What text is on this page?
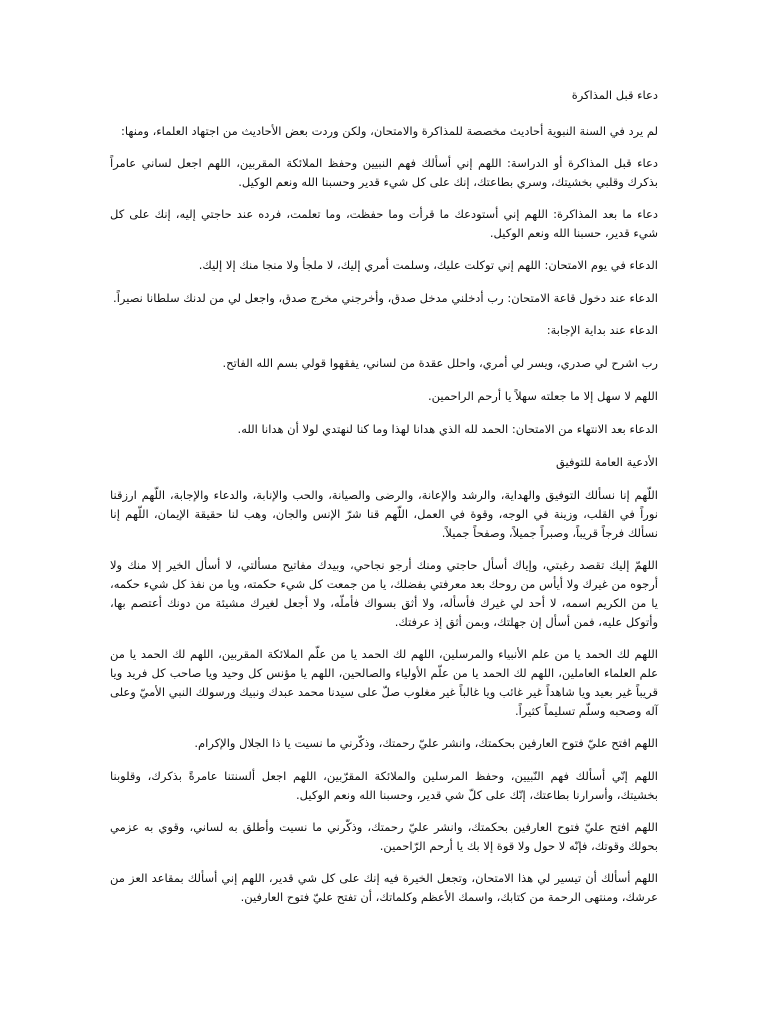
دعاء قبل المذاكرة

لم يرد في السنة النبوية أحاديث مخصصة للمذاكرة والامتحان، ولكن وردت بعض الأحاديث من اجتهاد العلماء، ومنها:

دعاء قبل المذاكرة أو الدراسة: اللهم إني أسألك فهم النبيين وحفظ الملائكة المقربين، اللهم اجعل لساني عامراً بذكرك وقلبي بخشيتك، وسري بطاعتك، إنك على كل شيء قدير وحسبنا الله ونعم الوكيل.

دعاء ما بعد المذاكرة: اللهم إني أستودعك ما قرأت وما حفظت، وما تعلمت، فرده عند حاجتي إليه، إنك على كل شيء قدير، حسبنا الله ونعم الوكيل.

الدعاء في يوم الامتحان: اللهم إني توكلت عليك، وسلمت أمري إليك، لا ملجأ ولا منجا منك إلا إليك.

الدعاء عند دخول قاعة الامتحان: رب أدخلني مدخل صدق، وأخرجني مخرج صدق، واجعل لي من لدنك سلطانا نصيراً.

الدعاء عند بداية الإجابة:

رب اشرح لي صدري، ويسر لي أمري، واحلل عقدة من لساني، يفقهوا قولي بسم الله الفاتح.

اللهم لا سهل إلا ما جعلته سهلاً يا أرحم الراحمين.

الدعاء بعد الانتهاء من الامتحان: الحمد لله الذي هدانا لهذا وما كنا لنهتدي لولا أن هدانا الله.

الأدعية العامة للتوفيق

اللّهم إنا نسألك التوفيق والهداية، والرشد والإعانة، والرضى والصيانة، والحب والإنابة، والدعاء والإجابة، اللّهم ارزقنا نوراً في القلب، وزينة في الوجه، وقوة في العمل، اللّهم قنا شرّ الإنس والجان، وهب لنا حقيقة الإيمان، اللّهم إنا نسألك فرجاً قريباً، وصبراً جميلاً، وصفحاً جميلاً.

اللهمّ إليك تقصد رغبتي، وإياك أسأل حاجتي ومنك أرجو نجاحي، وبيدك مفاتيح مسألتي، لا أسأل الخير إلا منك ولا أرجوه من غيرك ولا أيأس من روحك بعد معرفتي بفضلك، يا من جمعت كل شيء حكمته، ويا من نفذ كل شيء حكمه، يا من الكريم اسمه، لا أحد لي غيرك فأسأله، ولا أثق بسواك فأملّه، ولا أجعل لغيرك مشيئة من دونك أعتصم بها، وأتوكل عليه، فمن أسأل إن جهلتك، وبمن أثق إذ عرفتك.

اللهم لك الحمد يا من علم الأنبياء والمرسلين، اللهم لك الحمد يا من علّم الملائكة المقربين، اللهم لك الحمد يا من علم العلماء العاملين، اللهم لك الحمد يا من علّم الأولياء والصالحين، اللهم يا مؤنس كل وحيد ويا صاحب كل فريد ويا قريباً غير بعيد ويا شاهداً غير غائب ويا غالباً غير مغلوب صلّ على سيدنا محمد عبدك ونبيك ورسولك النبي الأميّ وعلى آله وصحبه وسلّم تسليماً كثيراً.

اللهم افتح عليّ فتوح العارفين بحكمتك، وانشر عليّ رحمتك، وذكّرني ما نسيت يا ذا الجلال والإكرام.

اللهم إنّي أسألك فهم النّبيين، وحفظ المرسلين والملائكة المقرّبين، اللهم اجعل ألسنتنا عامرةً بذكرك، وقلوبنا بخشيتك، وأسرارنا بطاعتك، إنّك على كلّ شي قدير، وحسبنا الله ونعم الوكيل.

اللهم افتح عليّ فتوح العارفين بحكمتك، وانشر عليّ رحمتك، وذكّرني ما نسيت وأطلق به لساني، وقوي به عزمي بحولك وقوتك، فإنّه لا حول ولا قوة إلا بك يا أرحم الرّاحمين.

اللهم أسألك أن تيسير لي هذا الامتحان، وتجعل الخيرة فيه إنك على كل شي قدير، اللهم إني أسألك بمقاعد العز من عرشك، ومنتهى الرحمة من كتابك، واسمك الأعظم وكلماتك، أن تفتح عليّ فتوح العارفين.
